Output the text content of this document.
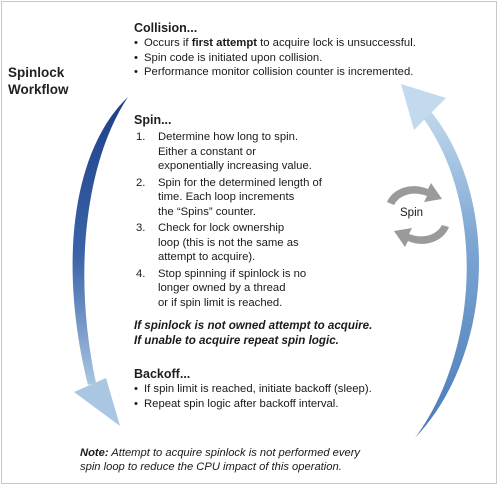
Spin
Spinlock
Workflow
Collision...
• Occurs if first attempt to acquire lock is unsuccessful.
• Spin code is initiated upon collision.
• Performance monitor collision counter is incremented.
Spin...
1.	Determine how long to spin.
Either a constant or
exponentially increasing value.
2.	Spin for the determined length of
time. Each loop increments
the “Spins” counter.
3.	Check for lock ownership
loop (this is not the same as
attempt to acquire).
4.	Stop spinning if spinlock is no
longer owned by a thread
or if spin limit is reached.
If spinlock is not owned attempt to acquire.
If unable to acquire repeat spin logic.
Backoff...
• If spin limit is reached, initiate backoff (sleep).
• Repeat spin logic after backoff interval.
Note: Attempt to acquire spinlock is not performed every
spin loop to reduce the CPU impact of this operation.
